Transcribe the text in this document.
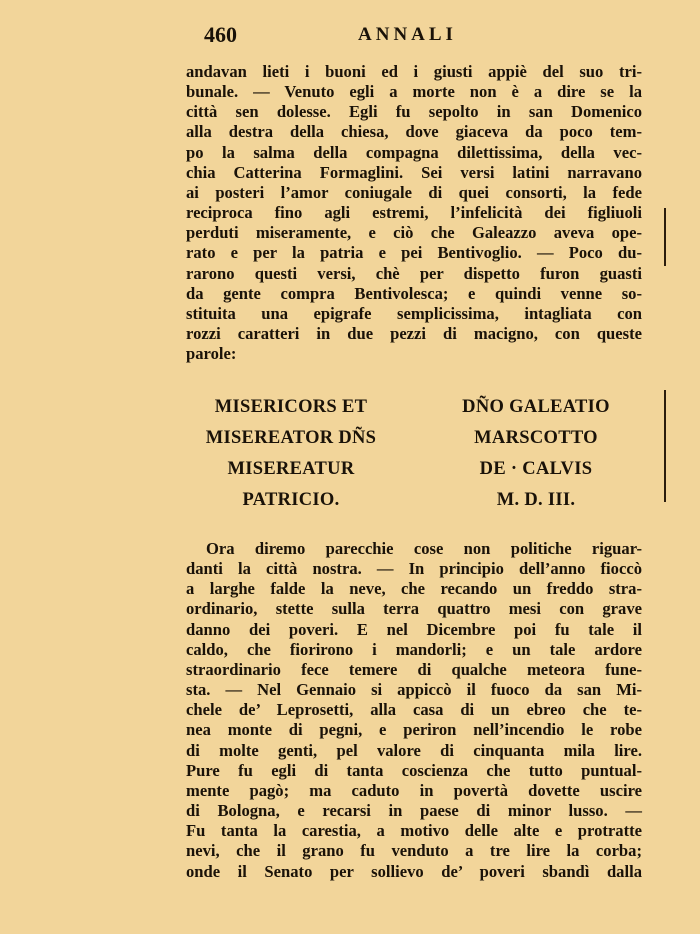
460	ANNALI

andavan lieti i buoni ed i giusti appiè del suo tri-
bunale. — Venuto egli a morte non è a dire se la
città sen dolesse. Egli fu sepolto in san Domenico
alla destra della chiesa, dove giaceva da poco tem-
po la salma della compagna dilettissima, della vec-
chia Catterina Formaglini. Sei versi latini narravano
ai posteri l’amor coniugale di quei consorti, la fede
reciproca fino agli estremi, l’infelicità dei figliuoli
perduti miseramente, e ciò che Galeazzo aveva ope-
rato e per la patria e pei Bentivoglio. — Poco du-
rarono questi versi, chè per dispetto furon guasti
da gente compra Bentivolesca; e quindi venne so-
stituita una epigrafe semplicissima, intagliata con
rozzi caratteri in due pezzi di macigno, con queste
parole:

MISERICORS ET
MISEREATOR DÑS
MISEREATUR
PATRICIO.
DÑO GALEATIO
MARSCOTTO
DE · CALVIS
M. D. III.

Ora diremo parecchie cose non politiche riguar-
danti la città nostra. — In principio dell’anno fioccò
a larghe falde la neve, che recando un freddo stra-
ordinario, stette sulla terra quattro mesi con grave
danno dei poveri. E nel Dicembre poi fu tale il
caldo, che fiorirono i mandorli; e un tale ardore
straordinario fece temere di qualche meteora fune-
sta. — Nel Gennaio si appiccò il fuoco da san Mi-
chele de’ Leprosetti, alla casa di un ebreo che te-
nea monte di pegni, e periron nell’incendio le robe
di molte genti, pel valore di cinquanta mila lire.
Pure fu egli di tanta coscienza che tutto puntual-
mente pagò; ma caduto in povertà dovette uscire
di Bologna, e recarsi in paese di minor lusso. —
Fu tanta la carestia, a motivo delle alte e protratte
nevi, che il grano fu venduto a tre lire la corba;
onde il Senato per sollievo de’ poveri sbandì dalla
